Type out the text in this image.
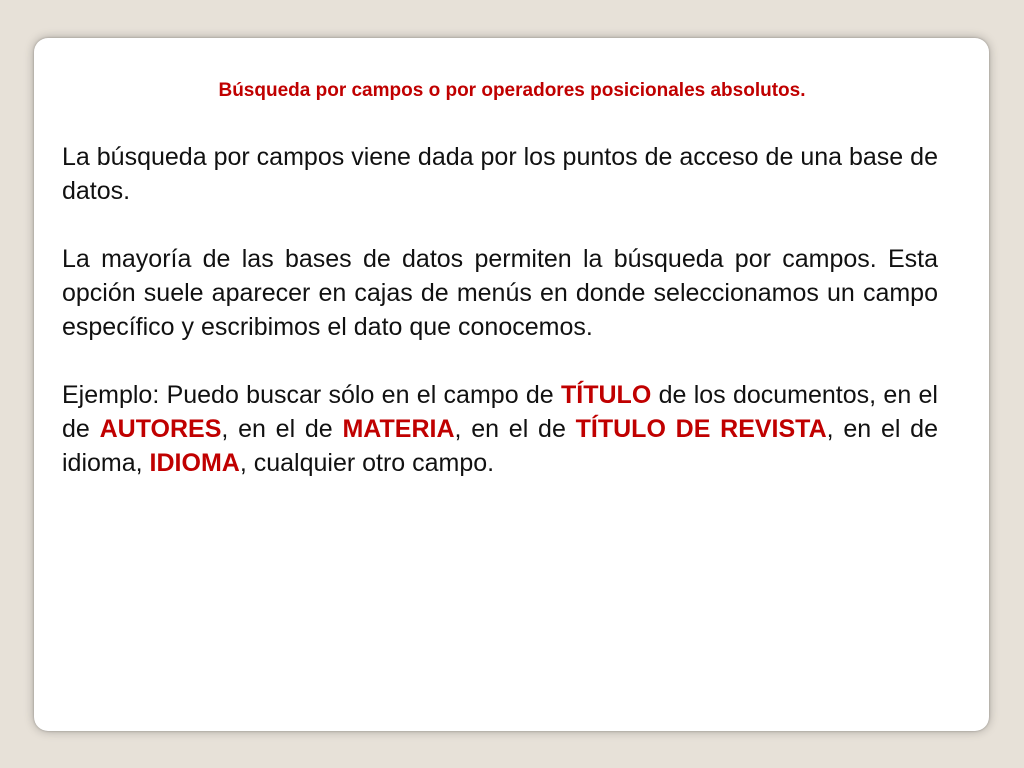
Búsqueda por campos o por operadores posicionales absolutos.

La búsqueda por campos viene dada por los puntos de acceso de una base de datos.

La mayoría de las bases de datos permiten la búsqueda por campos. Esta opción suele aparecer en cajas de menús en donde seleccionamos un campo específico y escribimos el dato que conocemos.

Ejemplo: Puedo buscar sólo en el campo de TÍTULO de los documentos, en el de AUTORES, en el de MATERIA, en el de TÍTULO DE REVISTA, en el de idioma, IDIOMA, cualquier otro campo.
